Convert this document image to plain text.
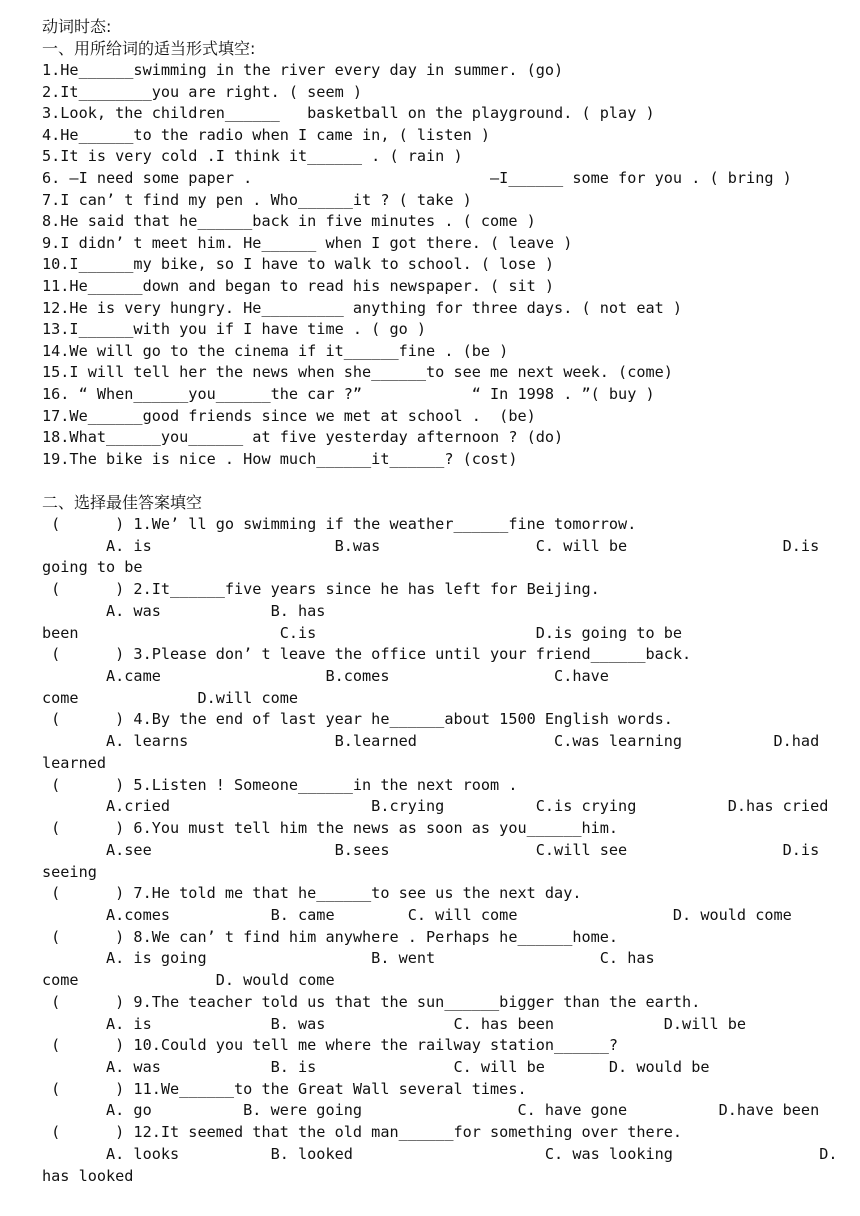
动词时态:
一、用所给词的适当形式填空:
1.He______swimming in the river every day in summer. (go)
2.It________you are right. ( seem )
3.Look, the children______   basketball on the playground. ( play )
4.He______to the radio when I came in, ( listen )
5.It is very cold .I think it______ . ( rain )
6. —I need some paper .                          —I______ some for you . ( bring )
7.I can’ t find my pen . Who______it ? ( take )
8.He said that he______back in five minutes . ( come )
9.I didn’ t meet him. He______ when I got there. ( leave )
10.I______my bike, so I have to walk to school. ( lose )
11.He______down and began to read his newspaper. ( sit )
12.He is very hungry. He_________ anything for three days. ( not eat )
13.I______with you if I have time . ( go )
14.We will go to the cinema if it______fine . (be )
15.I will tell her the news when she______to see me next week. (come)
16. “ When______you______the car ?”            “ In 1998 . ”( buy )
17.We______good friends since we met at school .  (be)
18.What______you______ at five yesterday afternoon ? (do)
19.The bike is nice . How much______it______? (cost)
二、选择最佳答案填空
(      ) 1.We’ ll go swimming if the weather______fine tomorrow.
A. is                    B.was                 C. will be                 D.is
going to be
(      ) 2.It______five years since he has left for Beijing.
A. was            B. has
been                      C.is                        D.is going to be
(      ) 3.Please don’ t leave the office until your friend______back.
A.came                  B.comes                  C.have
come             D.will come
(      ) 4.By the end of last year he______about 1500 English words.
A. learns                B.learned               C.was learning          D.had
learned
(      ) 5.Listen ! Someone______in the next room .
A.cried                      B.crying          C.is crying          D.has cried
(      ) 6.You must tell him the news as soon as you______him.
A.see                    B.sees                C.will see                 D.is
seeing
(      ) 7.He told me that he______to see us the next day.
A.comes           B. came        C. will come                 D. would come
(      ) 8.We can’ t find him anywhere . Perhaps he______home.
A. is going                  B. went                  C. has
come               D. would come
(      ) 9.The teacher told us that the sun______bigger than the earth.
A. is             B. was              C. has been            D.will be
(      ) 10.Could you tell me where the railway station______?
A. was            B. is               C. will be       D. would be
(      ) 11.We______to the Great Wall several times.
A. go          B. were going                 C. have gone          D.have been
(      ) 12.It seemed that the old man______for something over there.
A. looks          B. looked                     C. was looking                D.
has looked
